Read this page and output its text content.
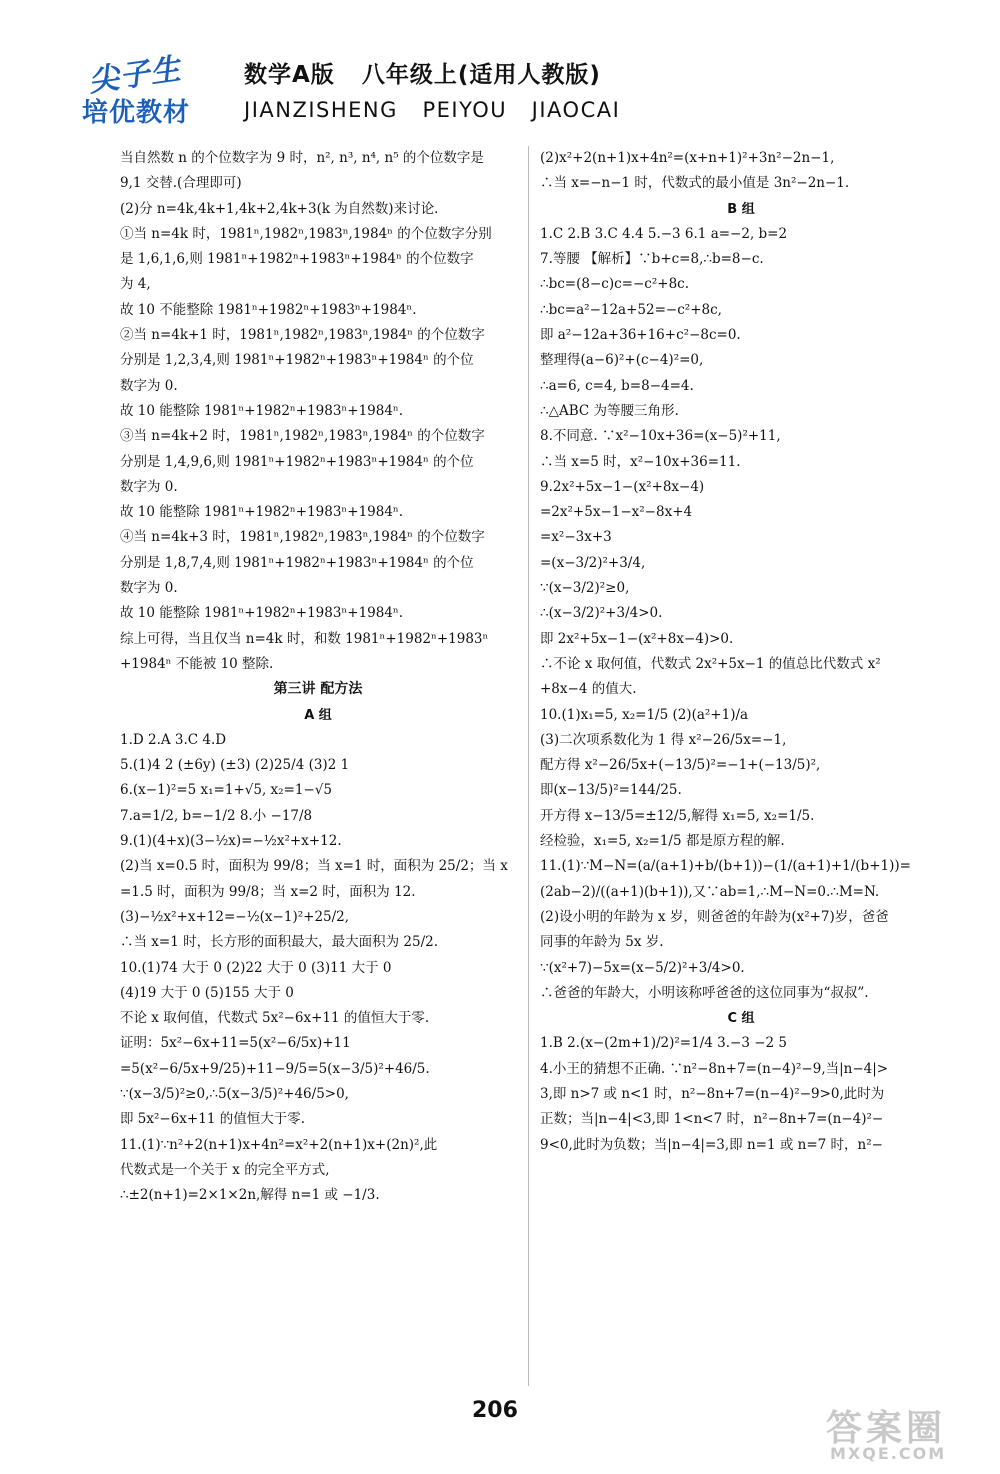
尖子生
培优教材
数学A版   八年级上(适用人教版)
JIANZISHENG   PEIYOU   JIAOCAI
当自然数 n 的个位数字为 9 时，n², n³, n⁴, n⁵ 的个位数字是
9,1 交替.(合理即可)
(2)分 n=4k,4k+1,4k+2,4k+3(k 为自然数)来讨论.
①当 n=4k 时，1981ⁿ,1982ⁿ,1983ⁿ,1984ⁿ 的个位数字分别
是 1,6,1,6,则 1981ⁿ+1982ⁿ+1983ⁿ+1984ⁿ 的个位数字
为 4,
故 10 不能整除 1981ⁿ+1982ⁿ+1983ⁿ+1984ⁿ.
②当 n=4k+1 时，1981ⁿ,1982ⁿ,1983ⁿ,1984ⁿ 的个位数字
分别是 1,2,3,4,则 1981ⁿ+1982ⁿ+1983ⁿ+1984ⁿ 的个位
数字为 0.
故 10 能整除 1981ⁿ+1982ⁿ+1983ⁿ+1984ⁿ.
③当 n=4k+2 时，1981ⁿ,1982ⁿ,1983ⁿ,1984ⁿ 的个位数字
分别是 1,4,9,6,则 1981ⁿ+1982ⁿ+1983ⁿ+1984ⁿ 的个位
数字为 0.
故 10 能整除 1981ⁿ+1982ⁿ+1983ⁿ+1984ⁿ.
④当 n=4k+3 时，1981ⁿ,1982ⁿ,1983ⁿ,1984ⁿ 的个位数字
分别是 1,8,7,4,则 1981ⁿ+1982ⁿ+1983ⁿ+1984ⁿ 的个位
数字为 0.
故 10 能整除 1981ⁿ+1982ⁿ+1983ⁿ+1984ⁿ.
综上可得，当且仅当 n=4k 时，和数 1981ⁿ+1982ⁿ+1983ⁿ
+1984ⁿ 不能被 10 整除.
第三讲 配方法
A 组
1.D 2.A 3.C 4.D
5.(1)4 2 (±6y) (±3) (2)25/4 (3)2 1
6.(x−1)²=5 x₁=1+√5, x₂=1−√5
7.a=1/2, b=−1/2 8.小 −17/8
9.(1)(4+x)(3−½x)=−½x²+x+12.
(2)当 x=0.5 时，面积为 99/8；当 x=1 时，面积为 25/2；当 x
=1.5 时，面积为 99/8；当 x=2 时，面积为 12.
(3)−½x²+x+12=−½(x−1)²+25/2,
∴当 x=1 时，长方形的面积最大，最大面积为 25/2.
10.(1)74 大于 0 (2)22 大于 0 (3)11 大于 0
(4)19 大于 0 (5)155 大于 0
不论 x 取何值，代数式 5x²−6x+11 的值恒大于零.
证明：5x²−6x+11=5(x²−6/5x)+11
=5(x²−6/5x+9/25)+11−9/5=5(x−3/5)²+46/5.
∵(x−3/5)²≥0,∴5(x−3/5)²+46/5>0,
即 5x²−6x+11 的值恒大于零.
11.(1)∵n²+2(n+1)x+4n²=x²+2(n+1)x+(2n)²,此
代数式是一个关于 x 的完全平方式,
∴±2(n+1)=2×1×2n,解得 n=1 或 −1/3.
(2)x²+2(n+1)x+4n²=(x+n+1)²+3n²−2n−1,
∴当 x=−n−1 时，代数式的最小值是 3n²−2n−1.
B 组
1.C 2.B 3.C 4.4 5.−3 6.1 a=−2, b=2
7.等腰 【解析】∵b+c=8,∴b=8−c.
∴bc=(8−c)c=−c²+8c.
∴bc=a²−12a+52=−c²+8c,
即 a²−12a+36+16+c²−8c=0.
整理得(a−6)²+(c−4)²=0,
∴a=6, c=4, b=8−4=4.
∴△ABC 为等腰三角形.
8.不同意. ∵x²−10x+36=(x−5)²+11,
∴当 x=5 时，x²−10x+36=11.
9.2x²+5x−1−(x²+8x−4)
=2x²+5x−1−x²−8x+4
=x²−3x+3
=(x−3/2)²+3/4,
∵(x−3/2)²≥0,
∴(x−3/2)²+3/4>0.
即 2x²+5x−1−(x²+8x−4)>0.
∴不论 x 取何值，代数式 2x²+5x−1 的值总比代数式 x²
+8x−4 的值大.
10.(1)x₁=5, x₂=1/5 (2)(a²+1)/a
(3)二次项系数化为 1 得 x²−26/5x=−1,
配方得 x²−26/5x+(−13/5)²=−1+(−13/5)²,
即(x−13/5)²=144/25.
开方得 x−13/5=±12/5,解得 x₁=5, x₂=1/5.
经检验，x₁=5, x₂=1/5 都是原方程的解.
11.(1)∵M−N=(a/(a+1)+b/(b+1))−(1/(a+1)+1/(b+1))=
(2ab−2)/((a+1)(b+1)),又∵ab=1,∴M−N=0.∴M=N.
(2)设小明的年龄为 x 岁，则爸爸的年龄为(x²+7)岁，爸爸
同事的年龄为 5x 岁.
∵(x²+7)−5x=(x−5/2)²+3/4>0.
∴爸爸的年龄大，小明该称呼爸爸的这位同事为“叔叔”.
C 组
1.B 2.(x−(2m+1)/2)²=1/4 3.−3 −2 5
4.小王的猜想不正确. ∵n²−8n+7=(n−4)²−9,当|n−4|>
3,即 n>7 或 n<1 时，n²−8n+7=(n−4)²−9>0,此时为
正数；当|n−4|<3,即 1<n<7 时，n²−8n+7=(n−4)²−
9<0,此时为负数；当|n−4|=3,即 n=1 或 n=7 时，n²−
206	答案圈
MXQE.COM
